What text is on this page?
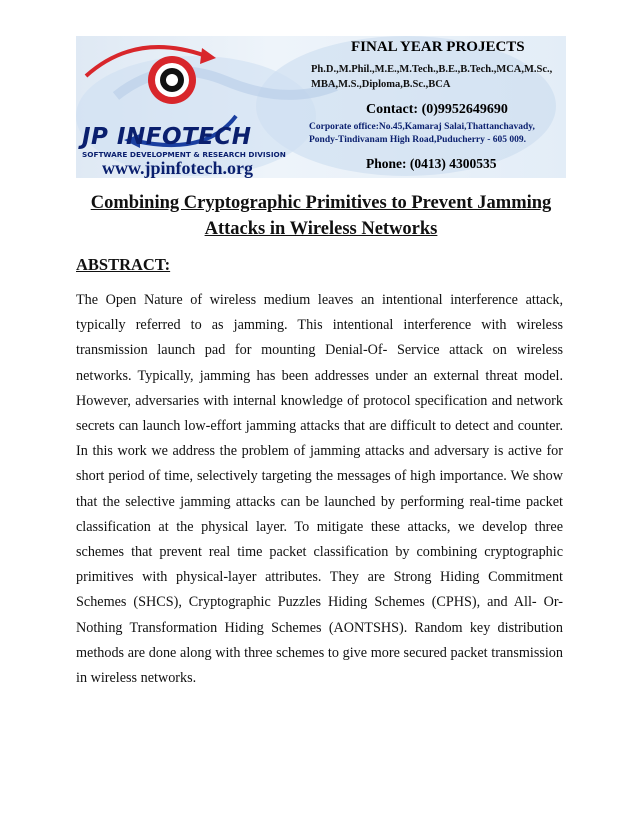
JP INFOTECH
SOFTWARE DEVELOPMENT & RESEARCH DIVISION
www.jpinfotech.org
FINAL YEAR PROJECTS
Ph.D.,M.Phil.,M.E.,M.Tech.,B.E.,B.Tech.,MCA,M.Sc., MBA,M.S.,Diploma,B.Sc.,BCA
Contact: (0)9952649690
Corporate office:No.45,Kamaraj Salai,Thattanchavady, Pondy-Tindivanam High Road,Puducherry - 605 009.
Phone: (0413) 4300535
Combining Cryptographic Primitives to Prevent Jamming Attacks in Wireless Networks
ABSTRACT:

The Open Nature of wireless medium leaves an intentional interference attack, typically referred to as jamming. This intentional interference with wireless transmission launch pad for mounting Denial-Of- Service attack on wireless networks. Typically, jamming has been addresses under an external threat model. However, adversaries with internal knowledge of protocol specification and network secrets can launch low-effort jamming attacks that are difficult to detect and counter. In this work we address the problem of jamming attacks and adversary is active for short period of time, selectively targeting the messages of high importance. We show that the selective jamming attacks can be launched by performing real-time packet classification at the physical layer. To mitigate these attacks, we develop three schemes that prevent real time packet classification by combining cryptographic primitives with physical-layer attributes. They are Strong Hiding Commitment Schemes (SHCS), Cryptographic Puzzles Hiding Schemes (CPHS), and All- Or-Nothing Transformation Hiding Schemes (AONTSHS). Random key distribution methods are done along with three schemes to give more secured packet transmission in wireless networks.
